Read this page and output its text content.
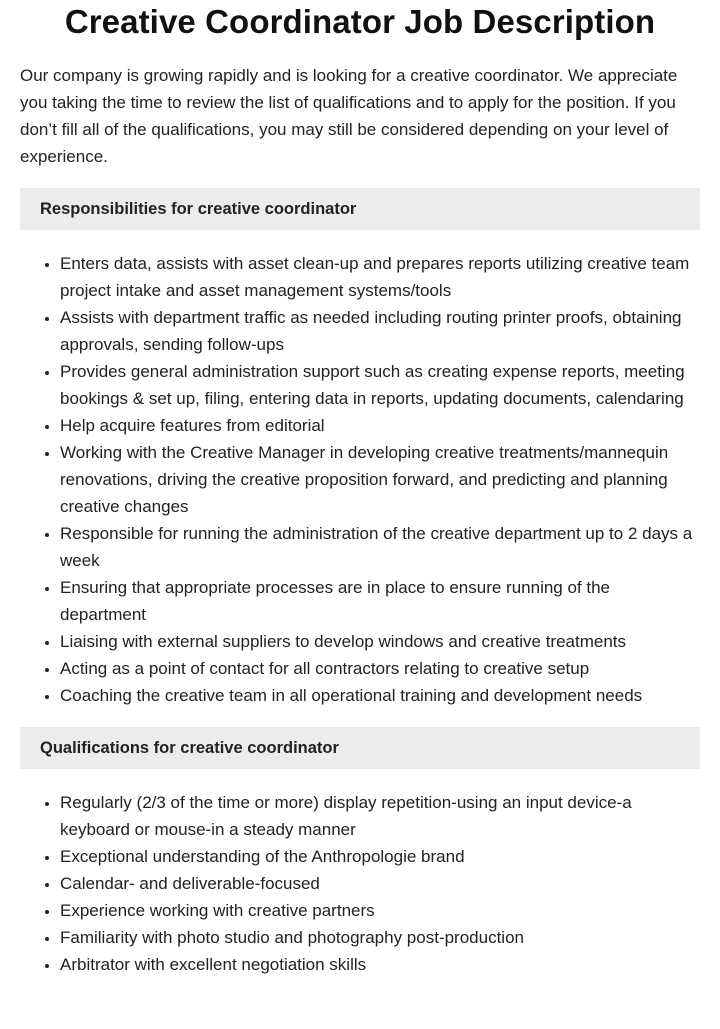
Creative Coordinator Job Description

Our company is growing rapidly and is looking for a creative coordinator. We appreciate you taking the time to review the list of qualifications and to apply for the position. If you don’t fill all of the qualifications, you may still be considered depending on your level of experience.

Responsibilities for creative coordinator
• Enters data, assists with asset clean-up and prepares reports utilizing creative team project intake and asset management systems/tools
• Assists with department traffic as needed including routing printer proofs, obtaining approvals, sending follow-ups
• Provides general administration support such as creating expense reports, meeting bookings & set up, filing, entering data in reports, updating documents, calendaring
• Help acquire features from editorial
• Working with the Creative Manager in developing creative treatments/mannequin renovations, driving the creative proposition forward, and predicting and planning creative changes
• Responsible for running the administration of the creative department up to 2 days a week
• Ensuring that appropriate processes are in place to ensure running of the department
• Liaising with external suppliers to develop windows and creative treatments
• Acting as a point of contact for all contractors relating to creative setup
• Coaching the creative team in all operational training and development needs
Qualifications for creative coordinator
• Regularly (2/3 of the time or more) display repetition-using an input device-a keyboard or mouse-in a steady manner
• Exceptional understanding of the Anthropologie brand
• Calendar- and deliverable-focused
• Experience working with creative partners
• Familiarity with photo studio and photography post-production
• Arbitrator with excellent negotiation skills
